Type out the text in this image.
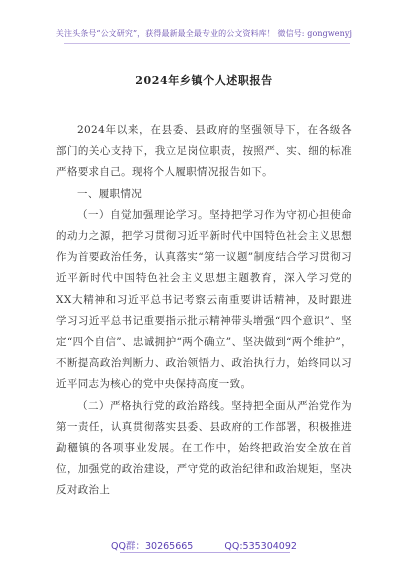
关注头条号“公文研究”，获得最新最全最专业的公文资料库！ 微信号: gongwenyj
2024年乡镇个人述职报告

2024年以来，在县委、县政府的坚强领导下，在各级各部门的关心支持下，我立足岗位职责，按照严、实、细的标准严格要求自己。现将个人履职情况报告如下。

一、履职情况

（一）自觉加强理论学习。坚持把学习作为守初心担使命的动力之源，把学习贯彻习近平新时代中国特色社会主义思想作为首要政治任务，认真落实“第一议题”制度结合学习贯彻习近平新时代中国特色社会主义思想主题教育，深入学习党的XX大精神和习近平总书记考察云南重要讲话精神，及时跟进学习习近平总书记重要指示批示精神带头增强“四个意识”、坚定“四个自信”、忠诚拥护“两个确立”、坚决做到“两个维护”，不断提高政治判断力、政治领悟力、政治执行力，始终同以习近平同志为核心的党中央保持高度一致。

（二）严格执行党的政治路线。坚持把全面从严治党作为第一责任，认真贯彻落实县委、县政府的工作部署，积极推进勐穲镇的各项事业发展。在工作中，始终把政治安全放在首位，加强党的政治建设，严守党的政治纪律和政治规矩，坚决反对政治上

QQ群：30265665	QQ:535304092
